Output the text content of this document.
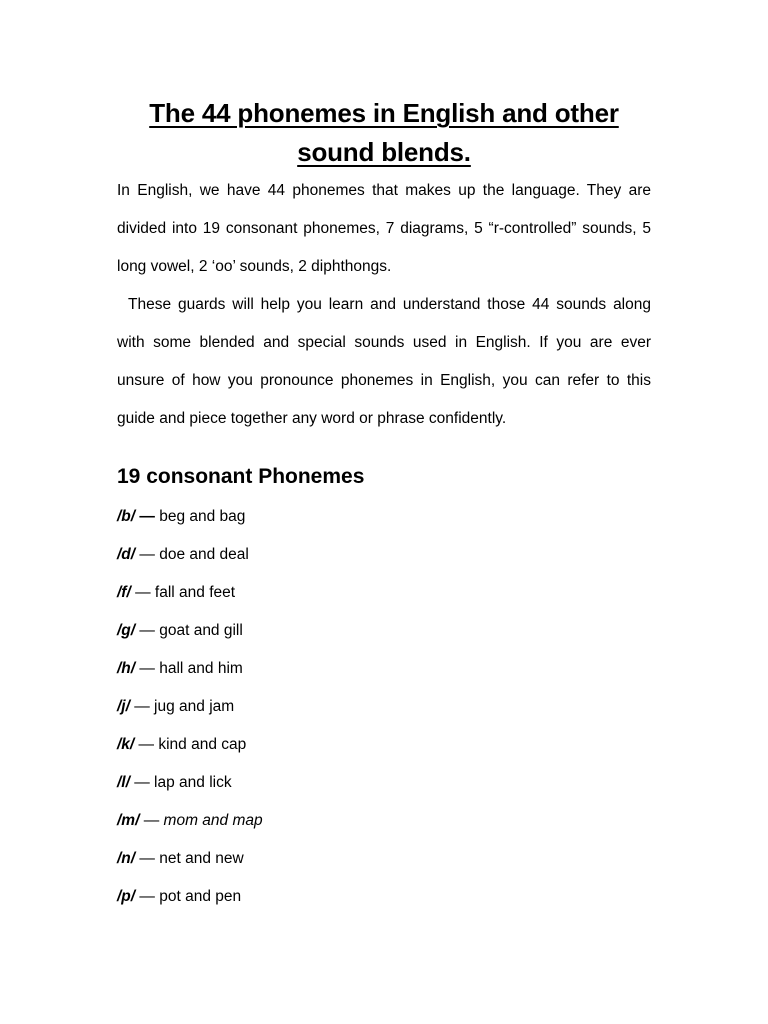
The 44 phonemes in English and other sound blends.

In English, we have 44 phonemes that makes up the language. They are divided into 19 consonant phonemes, 7 diagrams, 5 “r-controlled” sounds, 5 long vowel, 2 ‘oo’ sounds, 2 diphthongs.

These guards will help you learn and understand those 44 sounds along with some blended and special sounds used in English. If you are ever unsure of how you pronounce phonemes in English, you can refer to this guide and piece together any word or phrase confidently.

19 consonant Phonemes
/b/ — beg and bag
/d/ — doe and deal
/f/ — fall and feet
/g/ — goat and gill
/h/ — hall and him
/j/ — jug and jam
/k/ — kind and cap
/l/ — lap and lick
/m/ — mom and map
/n/ — net and new
/p/ — pot and pen
